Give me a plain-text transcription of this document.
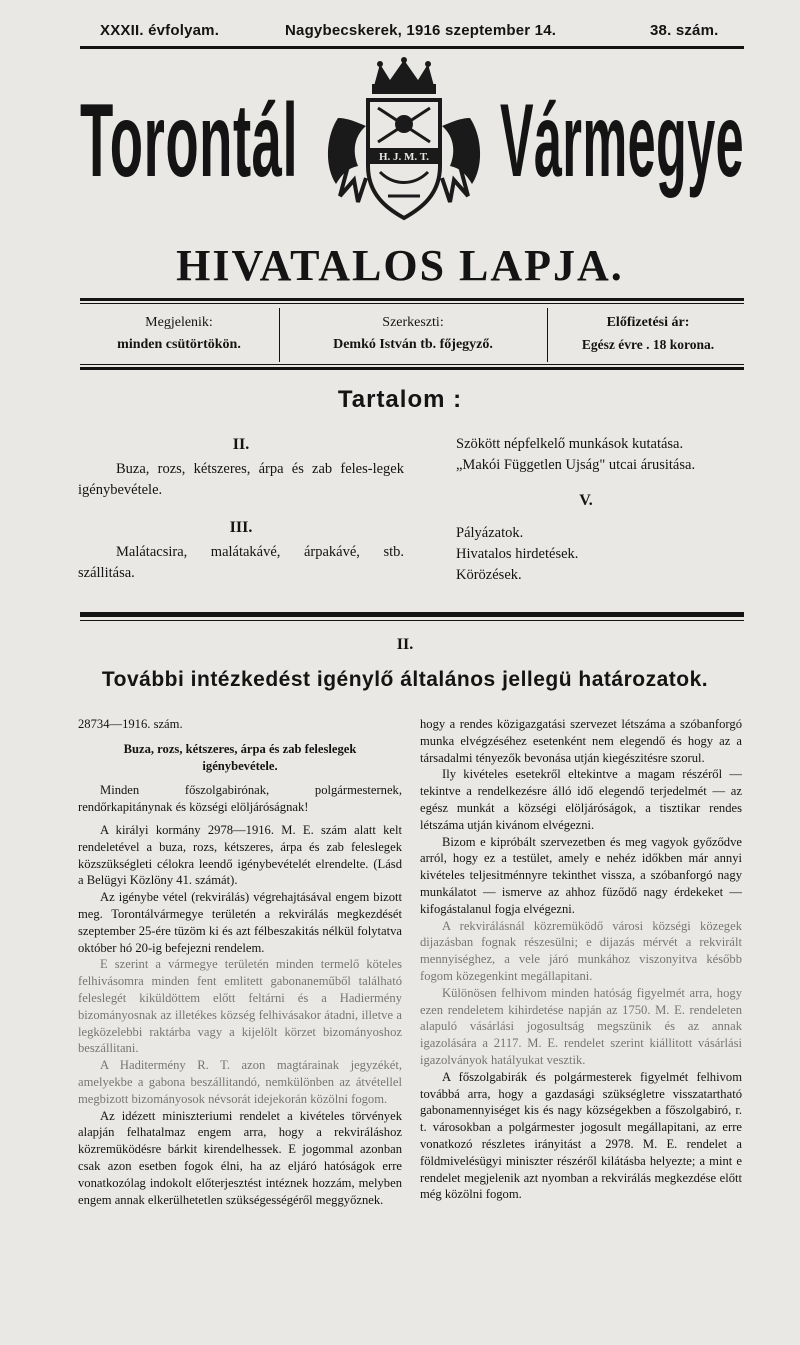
XXXII. évfolyam.	Nagybecskerek, 1916 szeptember 14.	38. szám.
Torontál Vármegye
H. J. M. T.
HIVATALOS LAPJA.
Megjelenik:
minden csütörtökön.
Szerkeszti:
Demkó István tb. főjegyző.
Előfizetési ár:
Egész évre . 18 korona.
Tartalom :
II.
Buza, rozs, kétszeres, árpa és zab feles-legek igénybevétele.
III.
Malátacsira, malátakávé, árpakávé, stb. szállitása.
Szökött népfelkelő munkások kutatása.
„Makói Független Ujság" utcai árusitása.
V.
Pályázatok.
Hivatalos hirdetések.
Körözések.
II.
További intézkedést igénylő általános jellegü határozatok.

28734—1916. szám.

Buza, rozs, kétszeres, árpa és zab feleslegek igénybevétele.

Minden főszolgabirónak, polgármesternek, rendőrkapitánynak és községi elöljáróságnak!

A királyi kormány 2978—1916. M. E. szám alatt kelt rendeletével a buza, rozs, kétszeres, árpa és zab feleslegek közszükségleti célokra leendő igénybevételét elrendelte. (Lásd a Belügyi Közlöny 41. számát).

Az igénybe vétel (rekvirálás) végrehajtásával engem bizott meg. Torontálvármegye területén a rekvirálás megkezdését szeptember 25-ére tüzöm ki és azt félbeszakitás nélkül folytatva október hó 20-ig befejezni rendelem.

E szerint a vármegye területén minden termelő köteles felhivásomra minden fent emlitett gabonaneműből található feleslegét kiküldöttem előtt feltárni és a Hadiermény bizományosnak az illetékes község felhivásakor átadni, illetve a legközelebbi raktárba vagy a kijelölt körzet bizományoshoz beszállitani.

A Haditermény R. T. azon magtárainak jegyzékét, amelyekbe a gabona beszállitandó, nemkülönben az átvétellel megbizott bizományosok névsorát idejekorán közölni fogom.

Az idézett miniszteriumi rendelet a kivételes törvények alapján felhatalmaz engem arra, hogy a rekviráláshoz közremüködésre bárkit kirendelhessek. E jogommal azonban csak azon esetben fogok élni, ha az eljáró hatóságok erre vonatkozólag indokolt előterjesztést intéznek hozzám, melyben engem annak elkerülhetetlen szükségességéről meggyőznek.

hogy a rendes közigazgatási szervezet létszáma a szóbanforgó munka elvégzéséhez esetenként nem elegendő és hogy az a társadalmi tényezők bevonása utján kiegészitésre szorul.

Ily kivételes esetekről eltekintve a magam részéről — tekintve a rendelkezésre álló idő elegendő terjedelmét — az egész munkát a községi elöljáróságok, a tisztikar rendes létszáma utján kivánom elvégezni.

Bizom e kipróbált szervezetben és meg vagyok győződve arról, hogy ez a testület, amely e nehéz időkben már annyi kivételes teljesitménnyre tekinthet vissza, a szóbanforgó nagy munkálatot — ismerve az ahhoz füződő nagy érdekeket — kifogástalanul fogja elvégezni.

A rekvirálásnál közremüködő városi községi közegek dijazásban fognak részesülni; e dijazás mérvét a rekvirált mennyiséghez, a vele járó munkához viszonyitva később fogom közegenkint megállapitani.

Különösen felhivom minden hatóság figyelmét arra, hogy ezen rendeletem kihirdetése napján az 1750. M. E. rendeleten alapuló vásárlási jogosultság megszünik és az annak igazolására a 2117. M. E. rendelet szerint kiállitott vásárlási igazolványok hatályukat vesztik.

A főszolgabirák és polgármesterek figyelmét felhivom továbbá arra, hogy a gazdasági szükségletre visszatartható gabonamennyiséget kis és nagy községekben a főszolgabiró, r. t. városokban a polgármester jogosult megállapitani, az erre vonatkozó részletes irányitást a 2978. M. E. rendelet a földmivelésügyi miniszter részéről kilátásba helyezte; a mint e rendelet megjelenik azt nyomban a rekvirálás megkezdése előtt még közölni fogom.
